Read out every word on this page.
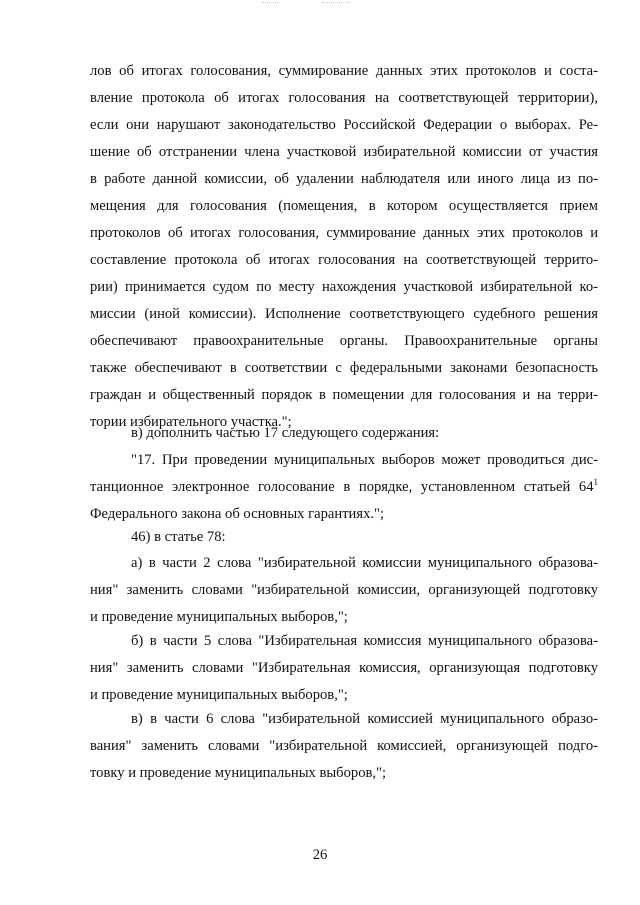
лов об итогах голосования, суммирование данных этих протоколов и соста-
вление протокола об итогах голосования на соответствующей территории),
если они нарушают законодательство Российской Федерации о выборах. Ре-
шение об отстранении члена участковой избирательной комиссии от участия
в работе данной комиссии, об удалении наблюдателя или иного лица из по-
мещения для голосования (помещения, в котором осуществляется прием
протоколов об итогах голосования, суммирование данных этих протоколов и
составление протокола об итогах голосования на соответствующей террито-
рии) принимается судом по месту нахождения участковой избирательной ко-
миссии (иной комиссии). Исполнение соответствующего судебного решения
обеспечивают правоохранительные органы. Правоохранительные органы
также обеспечивают в соответствии с федеральными законами безопасность
граждан и общественный порядок в помещении для голосования и на терри-
тории избирательного участка.";
в) дополнить частью 17 следующего содержания:
"17. При проведении муниципальных выборов может проводиться дис-
танционное электронное голосование в порядке, установленном статьей $64^1$
Федерального закона об основных гарантиях.";
46) в статье 78:
а) в части 2 слова "избирательной комиссии муниципального образова-
ния" заменить словами "избирательной комиссии, организующей подготовку
и проведение муниципальных выборов,";
б) в части 5 слова "Избирательная комиссия муниципального образова-
ния" заменить словами "Избирательная комиссия, организующая подготовку
и проведение муниципальных выборов,";
в) в части 6 слова "избирательной комиссией муниципального образо-
вания" заменить словами "избирательной комиссией, организующей подго-
товку и проведение муниципальных выборов,";
26
